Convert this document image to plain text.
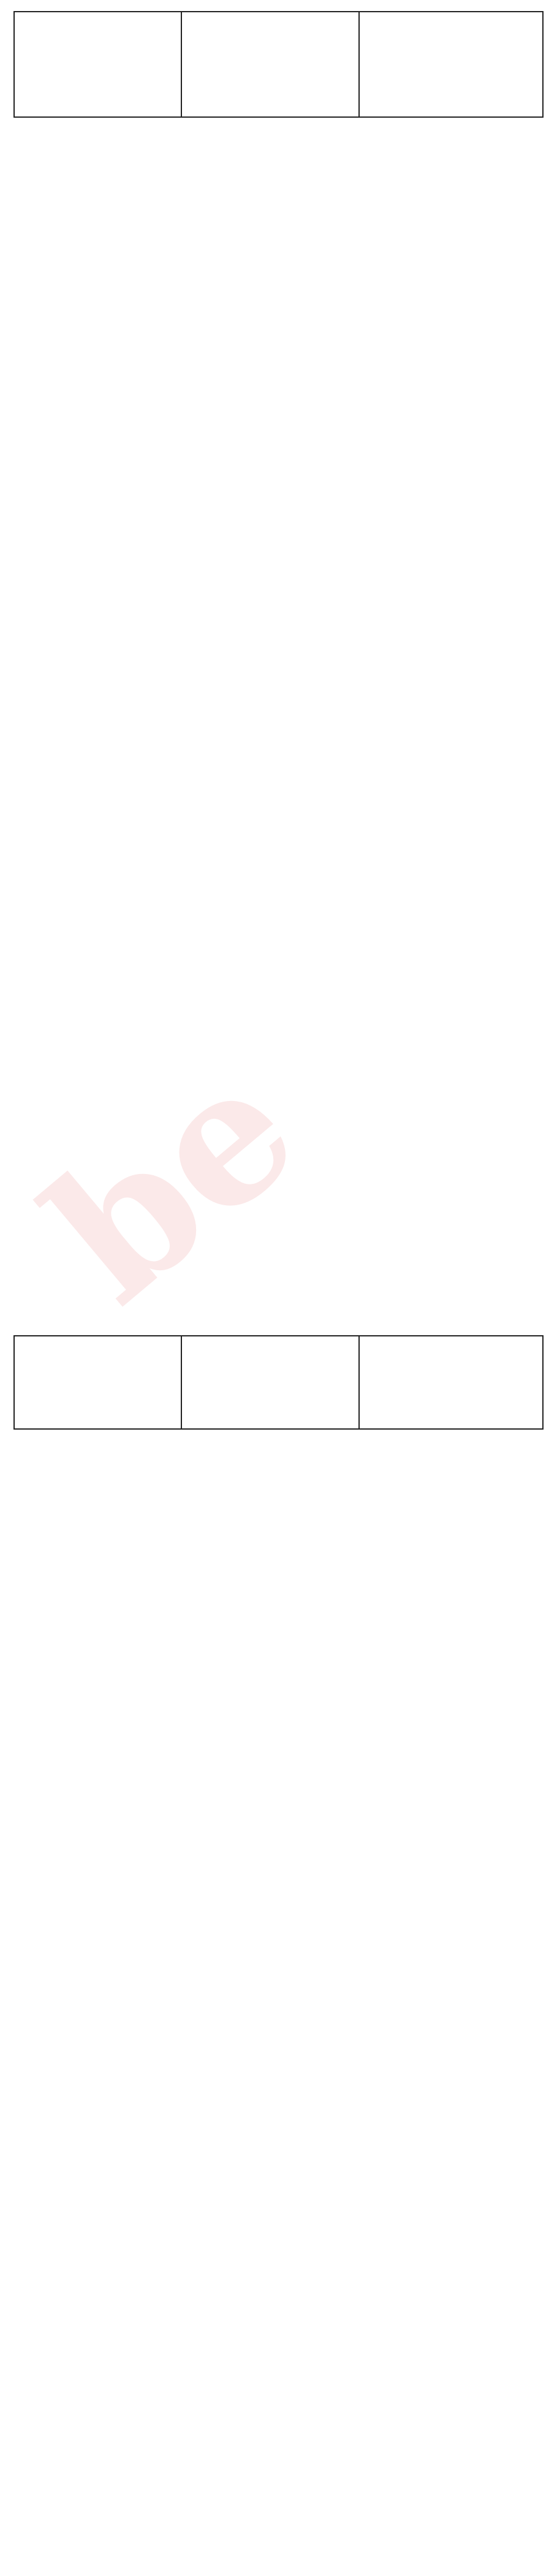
be
